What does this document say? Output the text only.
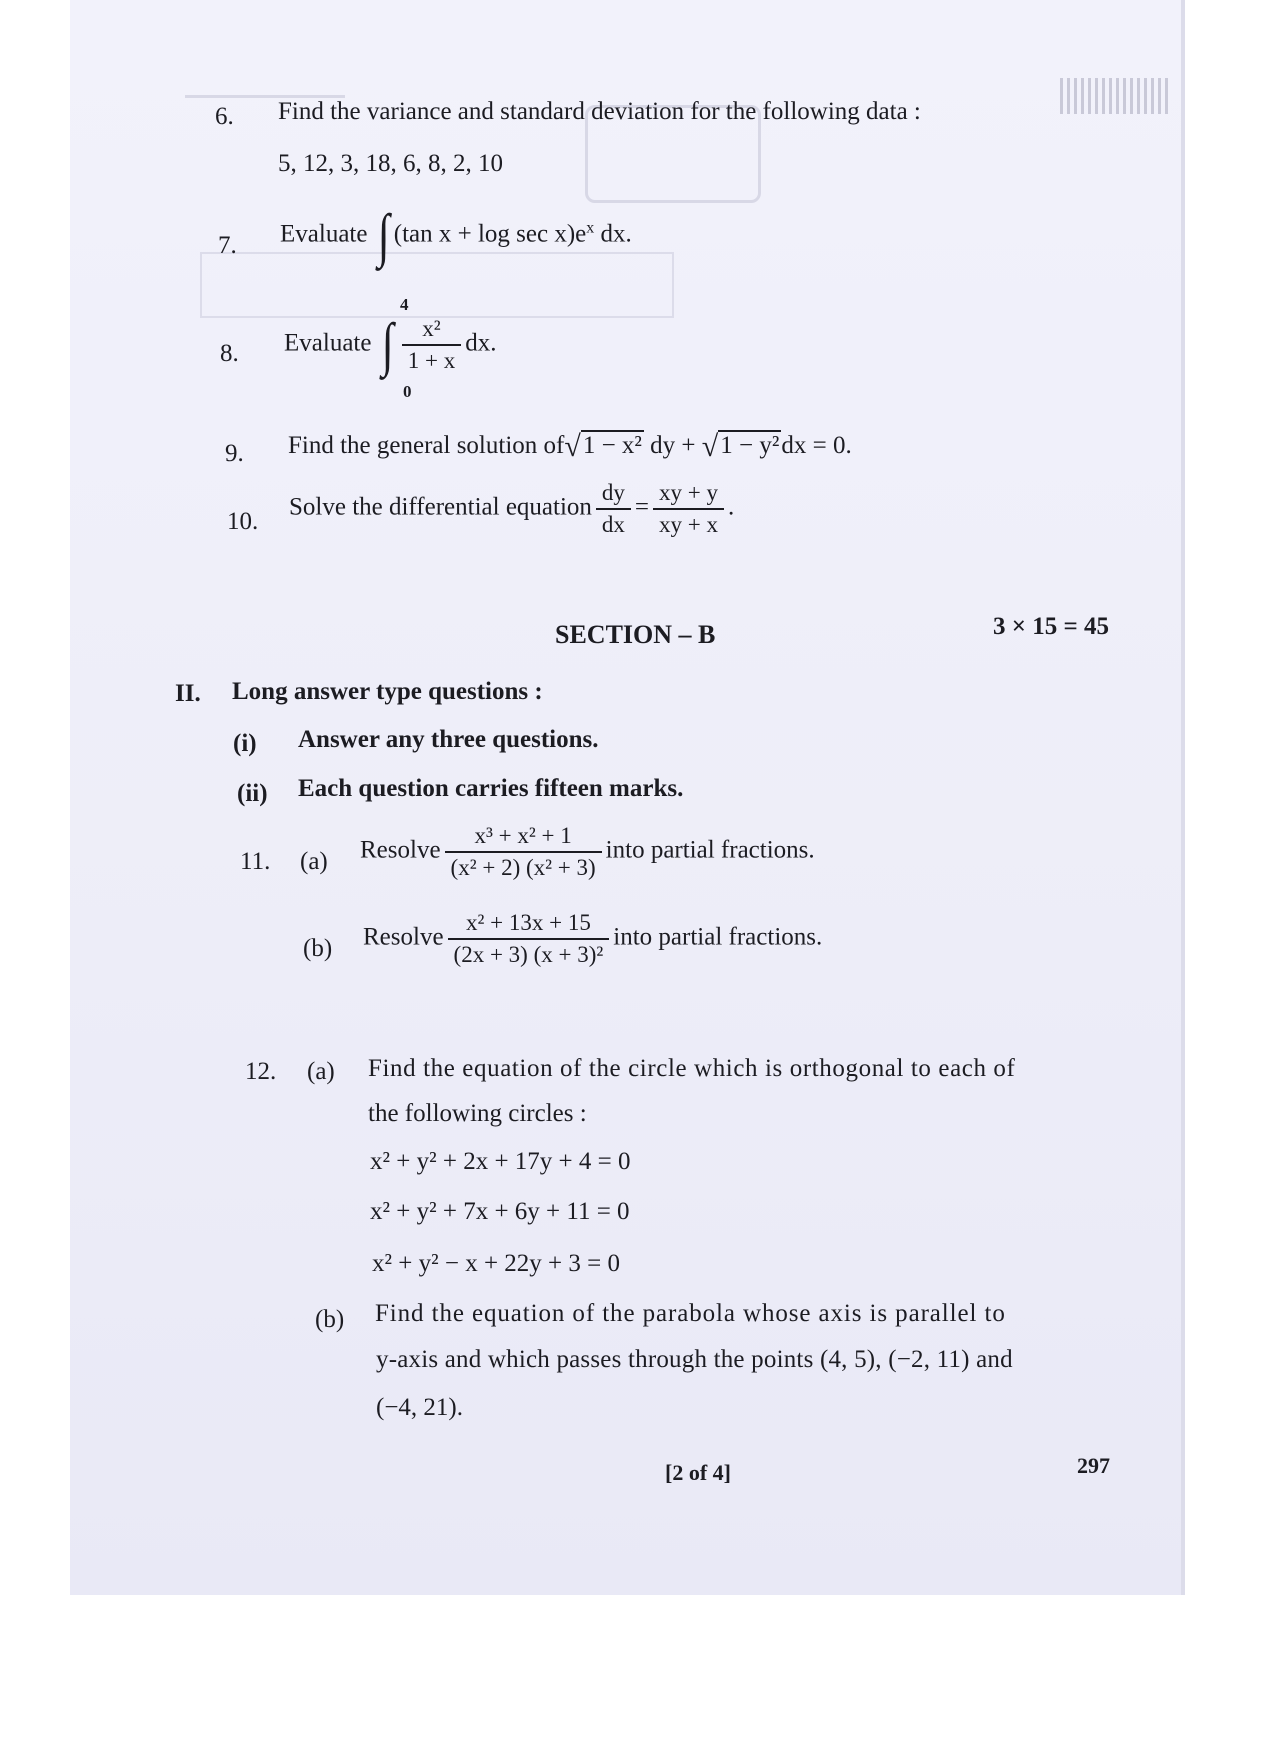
6. Find the variance and standard deviation for the following data :
5, 12, 3, 18, 6, 8, 2, 10
7. Evaluate ∫ (tan $x + \log \sec x)e^x$ dx.
8.
4
0
Evaluate ∫ $\frac{\text{x²}}{1 + x}$ dx.
9. Find the general solution of√1 − x² dy + √1 − y²dx = 0.
10.
Solve the differential equation $\frac{dy}{dx} = \frac{xy + y}{xy + x}$ .
SECTION – B	3 × 15 = 45
II. Long answer type questions :
(i) Answer any three questions.
(ii) Each question carries fifteen marks.
11. (a) Resolve $\frac{\text{x³ + x² + 1}}{\text{(x² + 2) (x² + 3)}}$ into partial fractions.
(b) Resolve $\frac{\text{x² + 13x + 15}}{\text{(2x + 3) (x + 3)²}}$ into partial fractions.
12. (a) Find the equation of the circle which is orthogonal to each of
the following circles :
x² + y² + 2x + 17y + 4 = 0
x² + y² + 7x + 6y + 11 = 0
x² + y² − x + 22y + 3 = 0
(b) Find the equation of the parabola whose axis is parallel to
y-axis and which passes through the points (4, 5), (−2, 11) and
(−4, 21).
[2 of 4]	297
